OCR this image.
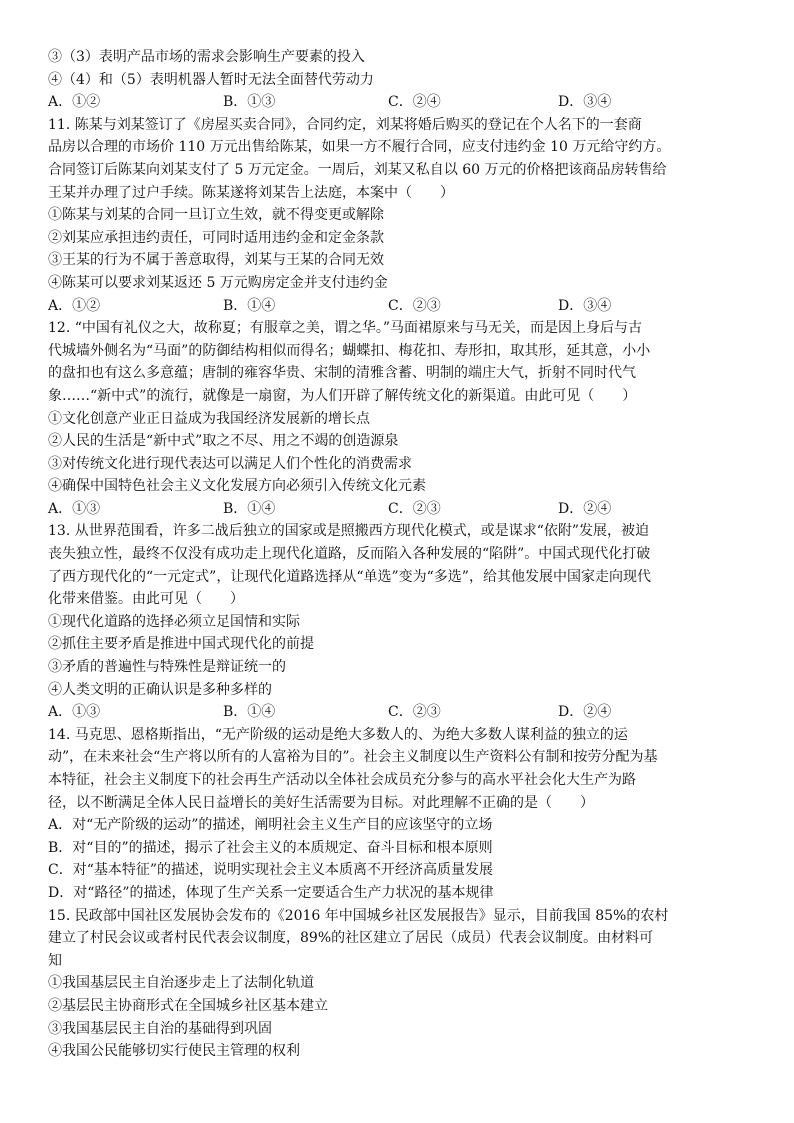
③（3）表明产品市场的需求会影响生产要素的投入
④（4）和（5）表明机器人暂时无法全面替代劳动力
A．①②	B．①③	C．②④	D．③④
11. 陈某与刘某签订了《房屋买卖合同》，合同约定，刘某将婚后购买的登记在个人名下的一套商
品房以合理的市场价 110 万元出售给陈某，如果一方不履行合同，应支付违约金 10 万元给守约方。
合同签订后陈某向刘某支付了 5 万元定金。一周后，刘某又私自以 60 万元的价格把该商品房转售给
王某并办理了过户手续。陈某遂将刘某告上法庭，本案中（　　）
①陈某与刘某的合同一旦订立生效，就不得变更或解除
②刘某应承担违约责任，可同时适用违约金和定金条款
③王某的行为不属于善意取得，刘某与王某的合同无效
④陈某可以要求刘某返还 5 万元购房定金并支付违约金
A．①②	B．①④	C．②③	D．③④
12. “中国有礼仪之大，故称夏；有服章之美，谓之华。”马面裙原来与马无关，而是因上身后与古
代城墙外侧名为“马面”的防御结构相似而得名；蝴蝶扣、梅花扣、寿形扣，取其形，延其意，小小
的盘扣也有这么多意蕴；唐制的雍容华贵、宋制的清雅含蓄、明制的端庄大气，折射不同时代气
象……“新中式”的流行，就像是一扇窗，为人们开辟了解传统文化的新渠道。由此可见（　　）
①文化创意产业正日益成为我国经济发展新的增长点
②人民的生活是“新中式”取之不尽、用之不竭的创造源泉
③对传统文化进行现代表达可以满足人们个性化的消费需求
④确保中国特色社会主义文化发展方向必须引入传统文化元素
A．①③	B．①④	C．②③	D．②④
13. 从世界范围看，许多二战后独立的国家或是照搬西方现代化模式，或是谋求“依附”发展，被迫
丧失独立性，最终不仅没有成功走上现代化道路，反而陷入各种发展的“陷阱”。中国式现代化打破
了西方现代化的“一元定式”，让现代化道路选择从“单选”变为“多选”，给其他发展中国家走向现代
化带来借鉴。由此可见（　　）
①现代化道路的选择必须立足国情和实际
②抓住主要矛盾是推进中国式现代化的前提
③矛盾的普遍性与特殊性是辩证统一的
④人类文明的正确认识是多种多样的
A．①③	B．①④	C．②③	D．②④
14. 马克思、恩格斯指出，“无产阶级的运动是绝大多数人的、为绝大多数人谋利益的独立的运
动”，在未来社会“生产将以所有的人富裕为目的”。社会主义制度以生产资料公有制和按劳分配为基
本特征，社会主义制度下的社会再生产活动以全体社会成员充分参与的高水平社会化大生产为路
径，以不断满足全体人民日益增长的美好生活需要为目标。对此理解不正确的是（　　）
A．对“无产阶级的运动”的描述，阐明社会主义生产目的应该坚守的立场
B．对“目的”的描述，揭示了社会主义的本质规定、奋斗目标和根本原则
C．对“基本特征”的描述，说明实现社会主义本质离不开经济高质量发展
D．对“路径”的描述，体现了生产关系一定要适合生产力状况的基本规律
15. 民政部中国社区发展协会发布的《2016 年中国城乡社区发展报告》显示，目前我国 85%的农村
建立了村民会议或者村民代表会议制度，89%的社区建立了居民（成员）代表会议制度。由材料可
知
①我国基层民主自治逐步走上了法制化轨道
②基层民主协商形式在全国城乡社区基本建立
③我国基层民主自治的基础得到巩固
④我国公民能够切实行使民主管理的权利
